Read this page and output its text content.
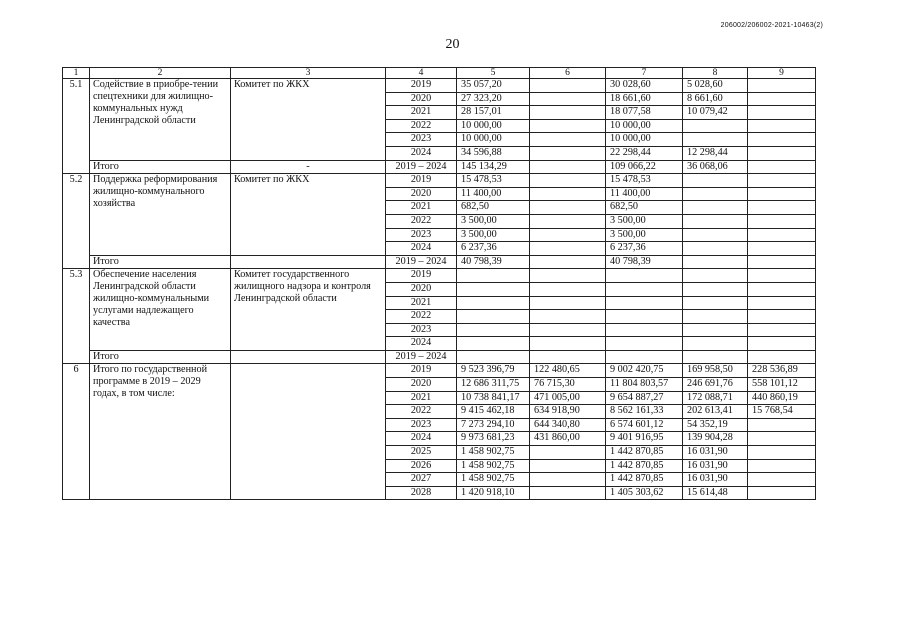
206002/206002-2021-10463(2)
20
1	2	3	4	5	6	7	8	9
5.1	Содействие в приобре-тении спецтехники для жилищно-коммунальных нужд Ленинградской области	Комитет по ЖКХ	2019	35 057,20		30 028,60	5 028,60	
			2020	27 323,20		18 661,60	8 661,60	
			2021	28 157,01		18 077,58	10 079,42	
			2022	10 000,00		10 000,00		
			2023	10 000,00		10 000,00		
			2024	34 596,88		22 298,44	12 298,44	
	Итого	-	2019 – 2024	145 134,29		109 066,22	36 068,06	
5.2	Поддержка реформирования жилищно-коммунального хозяйства	Комитет по ЖКХ	2019	15 478,53		15 478,53		
			2020	11 400,00		11 400,00		
			2021	682,50		682,50		
			2022	3 500,00		3 500,00		
			2023	3 500,00		3 500,00		
			2024	6 237,36		6 237,36		
	Итого		2019 – 2024	40 798,39		40 798,39		
5.3	Обеспечение населения Ленинградской области жилищно-коммунальными услугами надлежащего качества	Комитет государственного жилищного надзора и контроля Ленинградской области	2019					
			2020					
			2021					
			2022					
			2023					
			2024					
	Итого		2019 – 2024					
6	Итого по государственной программе в 2019 – 2029 годах, в том числе:		2019	9 523 396,79	122 480,65	9 002 420,75	169 958,50	228 536,89
			2020	12 686 311,75	76 715,30	11 804 803,57	246 691,76	558 101,12
			2021	10 738 841,17	471 005,00	9 654 887,27	172 088,71	440 860,19
			2022	9 415 462,18	634 918,90	8 562 161,33	202 613,41	15 768,54
			2023	7 273 294,10	644 340,80	6 574 601,12	54 352,19	
			2024	9 973 681,23	431 860,00	9 401 916,95	139 904,28	
			2025	1 458 902,75		1 442 870,85	16 031,90	
			2026	1 458 902,75		1 442 870,85	16 031,90	
			2027	1 458 902,75		1 442 870,85	16 031,90	
			2028	1 420 918,10		1 405 303,62	15 614,48	
